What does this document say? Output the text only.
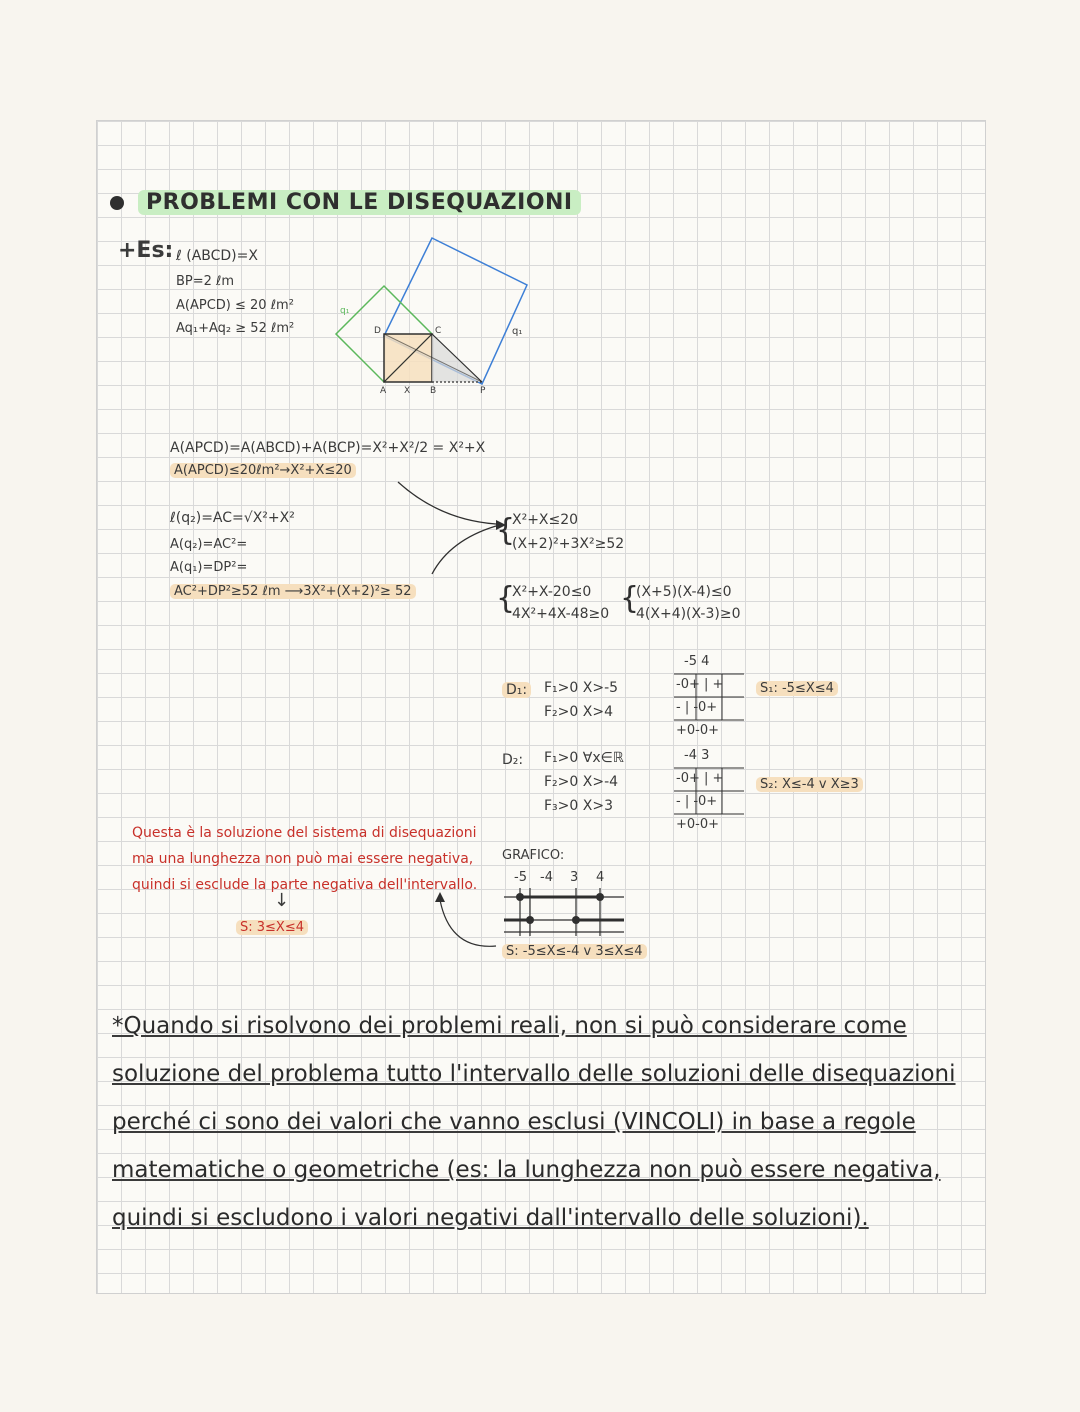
PROBLEMI CON LE DISEQUAZIONI
+Es: ℓ (ABCD)=X
BP=2 ℓm
A(APCD) ≤ 20 ℓm²
Aq₁+Aq₂ ≥ 52 ℓm²
{
{	{
q₁
q₁
D	C
A X B	P
A(APCD)=A(ABCD)+A(BCP)=X²+X²/2 = X²+X
A(APCD)≤20ℓm²→X²+X≤20
ℓ(q₂)=AC=√X²+X²
A(q₂)=AC²=
A(q₁)=DP²=
AC²+DP²≥52 ℓm ⟶3X²+(X+2)²≥ 52
X²+X≤20
(X+2)²+3X²≥52
X²+X-20≤0
4X²+4X-48≥0
(X+5)(X-4)≤0
4(X+4)(X-3)≥0
D₁: F₁>0 X>-5
F₂>0 X>4
-5 4
-0+ | +
- | -0+
+0-0+
S₁: -5≤X≤4
D₂: F₁>0 ∀x∈ℝ
F₂>0 X>-4
F₃>0 X>3
-4 3
-0+ | +
- | -0+
+0-0+
S₂: X≤-4 v X≥3
GRAFICO:
-5 -4 3 4
S: -5≤X≤-4 v 3≤X≤4
Questa è la soluzione del sistema di disequazioni
ma una lunghezza non può mai essere negativa,
quindi si esclude la parte negativa dell'intervallo.
↓
S: 3≤X≤4
*Quando si risolvono dei problemi reali, non si può considerare come
soluzione del problema tutto l'intervallo delle soluzioni delle disequazioni
perché ci sono dei valori che vanno esclusi (VINCOLI) in base a regole
matematiche o geometriche (es: la lunghezza non può essere negativa,
quindi si escludono i valori negativi dall'intervallo delle soluzioni).
